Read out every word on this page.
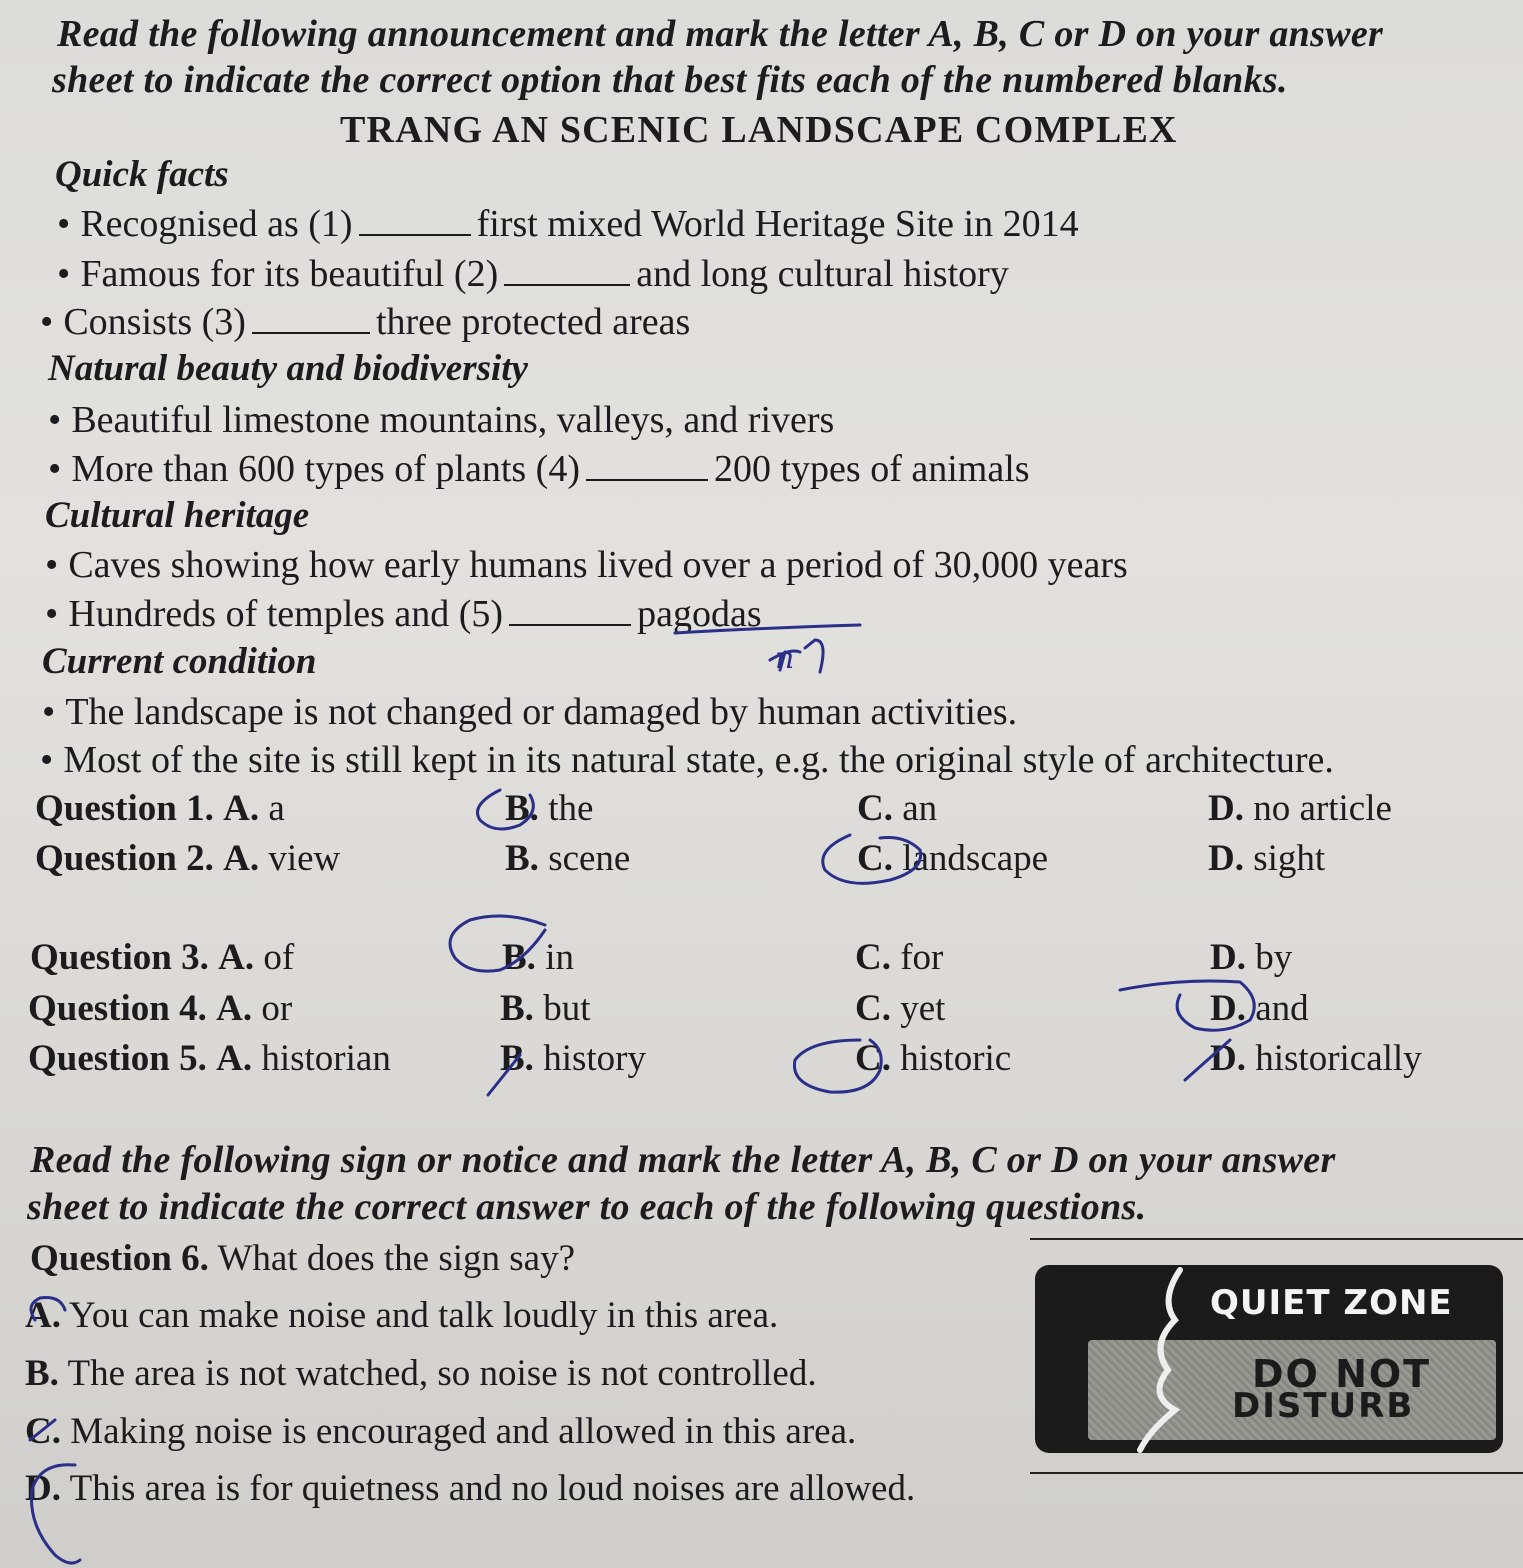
Read the following announcement and mark the letter A, B, C or D on your answer
sheet to indicate the correct option that best fits each of the numbered blanks.
TRANG AN SCENIC LANDSCAPE COMPLEX
Quick facts
• Recognised as (1)	first mixed World Heritage Site in 2014
• Famous for its beautiful (2)	and long cultural history
• Consists (3)	three protected areas
Natural beauty and biodiversity
• Beautiful limestone mountains, valleys, and rivers
• More than 600 types of plants (4)	200 types of animals
Cultural heritage
• Caves showing how early humans lived over a period of 30,000 years
• Hundreds of temples and (5)	pagodas
Current condition
• The landscape is not changed or damaged by human activities.
• Most of the site is still kept in its natural state, e.g. the original style of architecture.
Question 1. A. a	B. the	C. an	D. no article
Question 2. A. view	B. scene	C. landscape	D. sight
Question 3. A. of	B. in	C. for	D. by
Question 4. A. or	B. but	C. yet	D. and
Question 5. A. historian	B. history	C. historic	D. historically
Read the following sign or notice and mark the letter A, B, C or D on your answer
sheet to indicate the correct answer to each of the following questions.
Question 6. What does the sign say?
A. You can make noise and talk loudly in this area.
B. The area is not watched, so noise is not controlled.
C. Making noise is encouraged and allowed in this area.
D. This area is for quietness and no loud noises are allowed.
QUIET ZONE
DO NOT
DISTURB
n
